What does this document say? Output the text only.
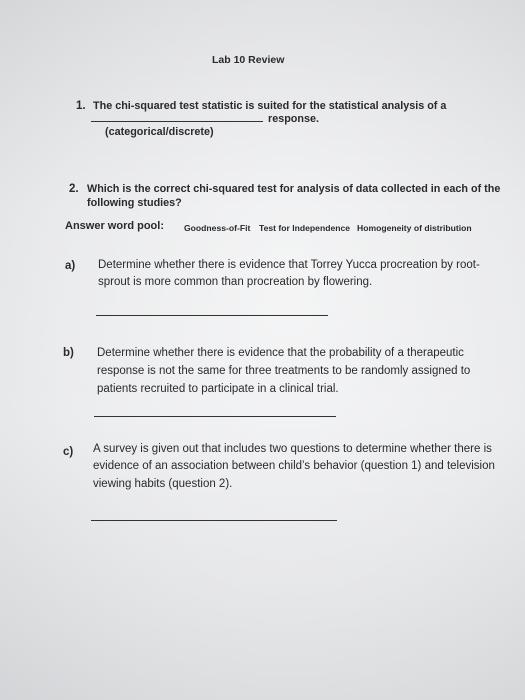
Lab 10 Review
1. The chi-squared test statistic is suited for the statistical analysis of a
response.
(categorical/discrete)
2. Which is the correct chi-squared test for analysis of data collected in each of the
following studies?
Answer word pool: Goodness-of-Fit Test for Independence Homogeneity of distribution
a) Determine whether there is evidence that Torrey Yucca procreation by root-
sprout is more common than procreation by flowering.
b) Determine whether there is evidence that the probability of a therapeutic
response is not the same for three treatments to be randomly assigned to
patients recruited to participate in a clinical trial.
c) A survey is given out that includes two questions to determine whether there is
evidence of an association between child’s behavior (question 1) and television
viewing habits (question 2).
